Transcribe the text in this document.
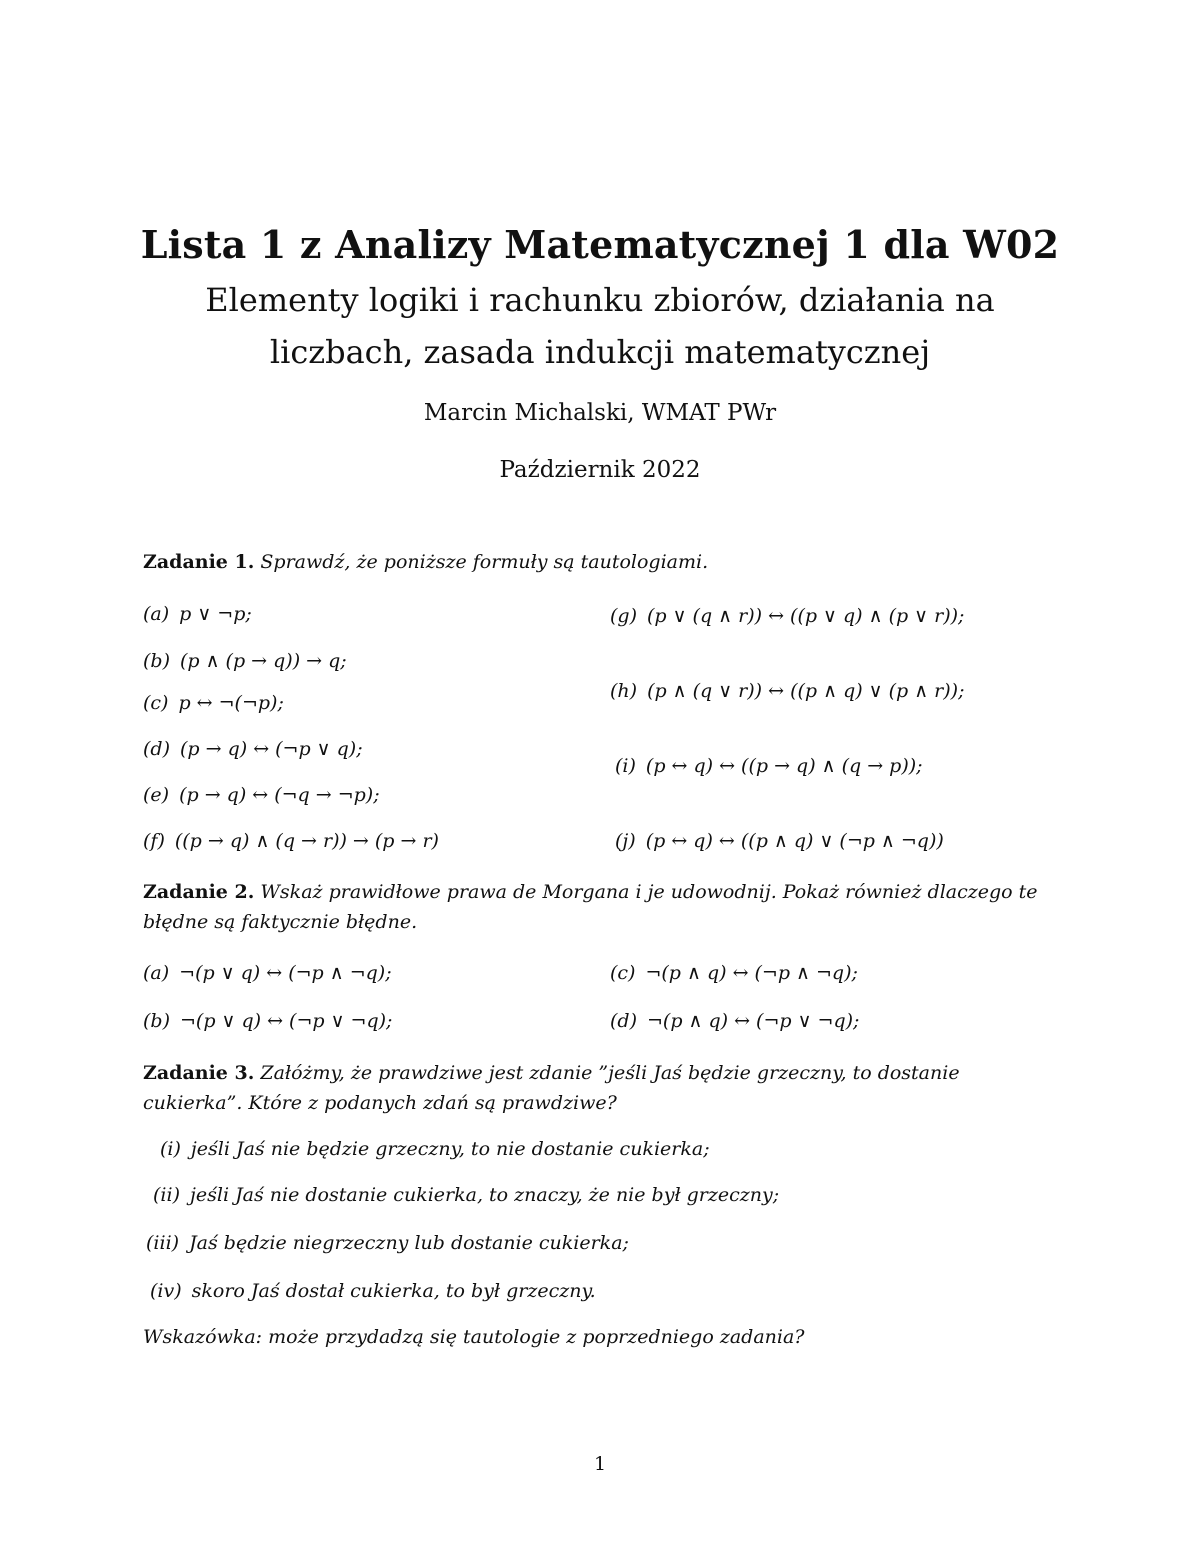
Lista 1 z Analizy Matematycznej 1 dla W02
Elementy logiki i rachunku zbiorów, działania na liczbach, zasada indukcji matematycznej
Marcin Michalski, WMAT PWr
Październik 2022
Zadanie 1. Sprawdź, że poniższe formuły są tautologiami.
(a) p ∨ ¬p;
(b) (p ∧ (p → q)) → q;
(c) p ↔ ¬(¬p);
(d) (p → q) ↔ (¬p ∨ q);
(e) (p → q) ↔ (¬q → ¬p);
(f) ((p → q) ∧ (q → r)) → (p → r)
(g) (p ∨ (q ∧ r)) ↔ ((p ∨ q) ∧ (p ∨ r));
(h) (p ∧ (q ∨ r)) ↔ ((p ∧ q) ∨ (p ∧ r));
(i) (p ↔ q) ↔ ((p → q) ∧ (q → p));
(j) (p ↔ q) ↔ ((p ∧ q) ∨ (¬p ∧ ¬q))
Zadanie 2. Wskaż prawidłowe prawa de Morgana i je udowodnij. Pokaż również dlaczego te błędne są faktycznie błędne.
(a) ¬(p ∨ q) ↔ (¬p ∧ ¬q);
(b) ¬(p ∨ q) ↔ (¬p ∨ ¬q);
(c) ¬(p ∧ q) ↔ (¬p ∧ ¬q);
(d) ¬(p ∧ q) ↔ (¬p ∨ ¬q);
Zadanie 3. Załóżmy, że prawdziwe jest zdanie ”jeśli Jaś będzie grzeczny, to dostanie cukierka”. Które z podanych zdań są prawdziwe?
(i) jeśli Jaś nie będzie grzeczny, to nie dostanie cukierka;
(ii) jeśli Jaś nie dostanie cukierka, to znaczy, że nie był grzeczny;
(iii) Jaś będzie niegrzeczny lub dostanie cukierka;
(iv) skoro Jaś dostał cukierka, to był grzeczny.
Wskazówka: może przydadzą się tautologie z poprzedniego zadania?
1
